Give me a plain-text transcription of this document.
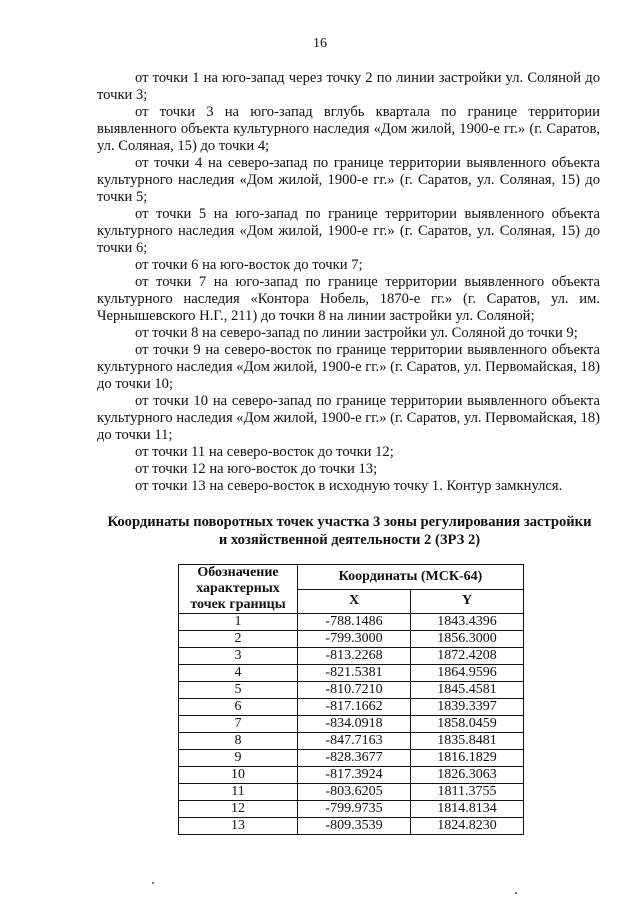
16

от точки 1 на юго-запад через точку 2 по линии застройки ул. Соляной до точки 3;

от точки 3 на юго-запад вглубь квартала по границе территории выявленного объекта культурного наследия «Дом жилой, 1900-е гг.» (г. Саратов, ул. Соляная, 15) до точки 4;

от точки 4 на северо-запад по границе территории выявленного объекта культурного наследия «Дом жилой, 1900-е гг.» (г. Саратов, ул. Соляная, 15) до точки 5;

от точки 5 на юго-запад по границе территории выявленного объекта культурного наследия «Дом жилой, 1900-е гг.» (г. Саратов, ул. Соляная, 15) до точки 6;

от точки 6 на юго-восток до точки 7;

от точки 7 на юго-запад по границе территории выявленного объекта культурного наследия «Контора Нобель, 1870-е гг.» (г. Саратов, ул. им. Чернышевского Н.Г., 211) до точки 8 на линии застройки ул. Соляной;

от точки 8 на северо-запад по линии застройки ул. Соляной до точки 9;

от точки 9 на северо-восток по границе территории выявленного объекта культурного наследия «Дом жилой, 1900-е гг.» (г. Саратов, ул. Первомайская, 18) до точки 10;

от точки 10 на северо-запад по границе территории выявленного объекта культурного наследия «Дом жилой, 1900-е гг.» (г. Саратов, ул. Первомайская, 18) до точки 11;

от точки 11 на северо-восток до точки 12;

от точки 12 на юго-восток до точки 13;

от точки 13 на северо-восток в исходную точку 1. Контур замкнулся.

Координаты поворотных точек участка 3 зоны регулирования застройки
и хозяйственной деятельности 2 (ЗРЗ 2)
Обозначение характерных точек границы	Координаты (МСК-64)	
	X	Y
1	-788.1486	1843.4396
2	-799.3000	1856.3000
3	-813.2268	1872.4208
4	-821.5381	1864.9596
5	-810.7210	1845.4581
6	-817.1662	1839.3397
7	-834.0918	1858.0459
8	-847.7163	1835.8481
9	-828.3677	1816.1829
10	-817.3924	1826.3063
11	-803.6205	1811.3755
12	-799.9735	1814.8134
13	-809.3539	1824.8230
